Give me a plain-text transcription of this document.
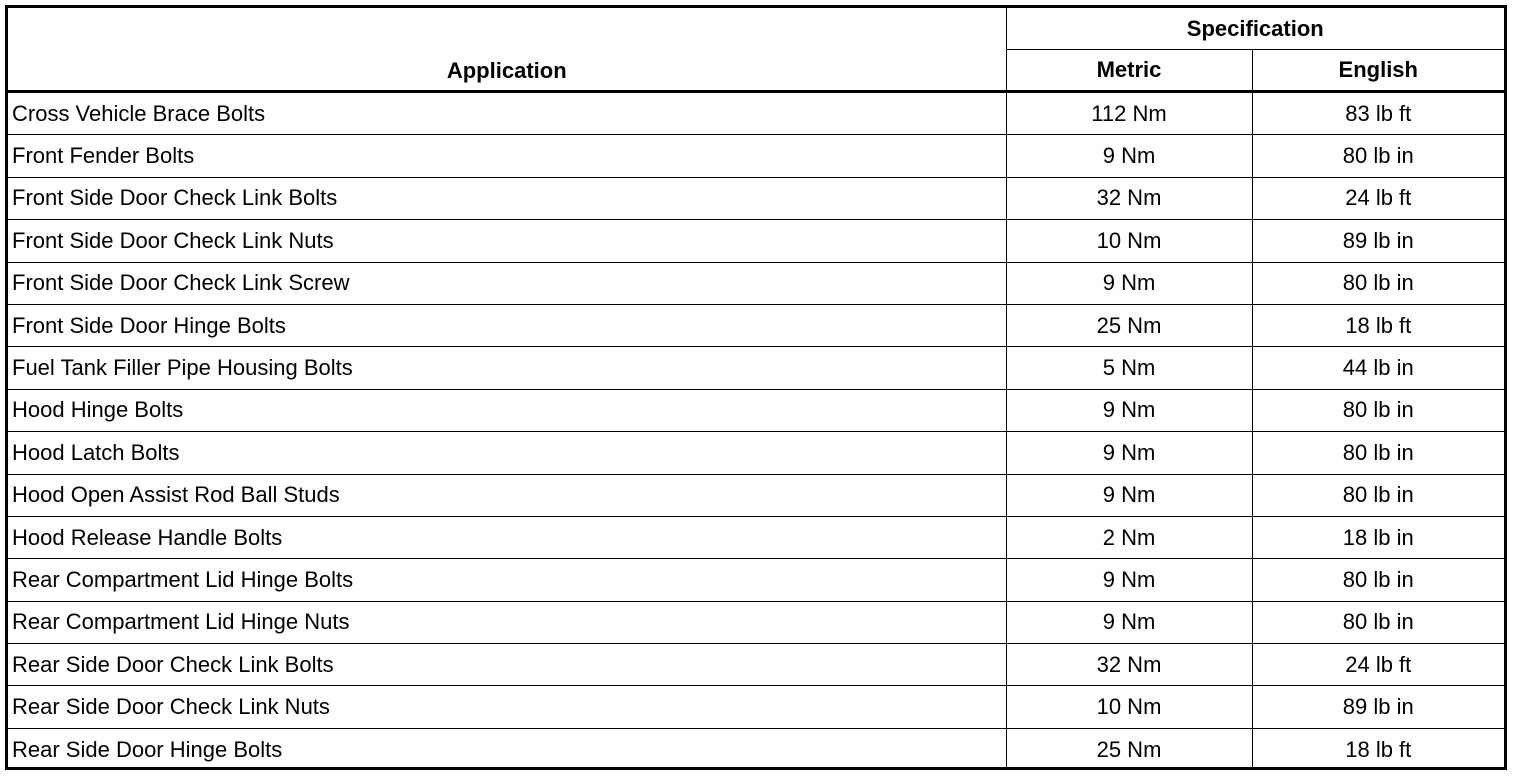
Application	Specification	
	Metric	English
Cross Vehicle Brace Bolts	112 Nm	83 lb ft
Front Fender Bolts	9 Nm	80 lb in
Front Side Door Check Link Bolts	32 Nm	24 lb ft
Front Side Door Check Link Nuts	10 Nm	89 lb in
Front Side Door Check Link Screw	9 Nm	80 lb in
Front Side Door Hinge Bolts	25 Nm	18 lb ft
Fuel Tank Filler Pipe Housing Bolts	5 Nm	44 lb in
Hood Hinge Bolts	9 Nm	80 lb in
Hood Latch Bolts	9 Nm	80 lb in
Hood Open Assist Rod Ball Studs	9 Nm	80 lb in
Hood Release Handle Bolts	2 Nm	18 lb in
Rear Compartment Lid Hinge Bolts	9 Nm	80 lb in
Rear Compartment Lid Hinge Nuts	9 Nm	80 lb in
Rear Side Door Check Link Bolts	32 Nm	24 lb ft
Rear Side Door Check Link Nuts	10 Nm	89 lb in
Rear Side Door Hinge Bolts	25 Nm	18 lb ft
